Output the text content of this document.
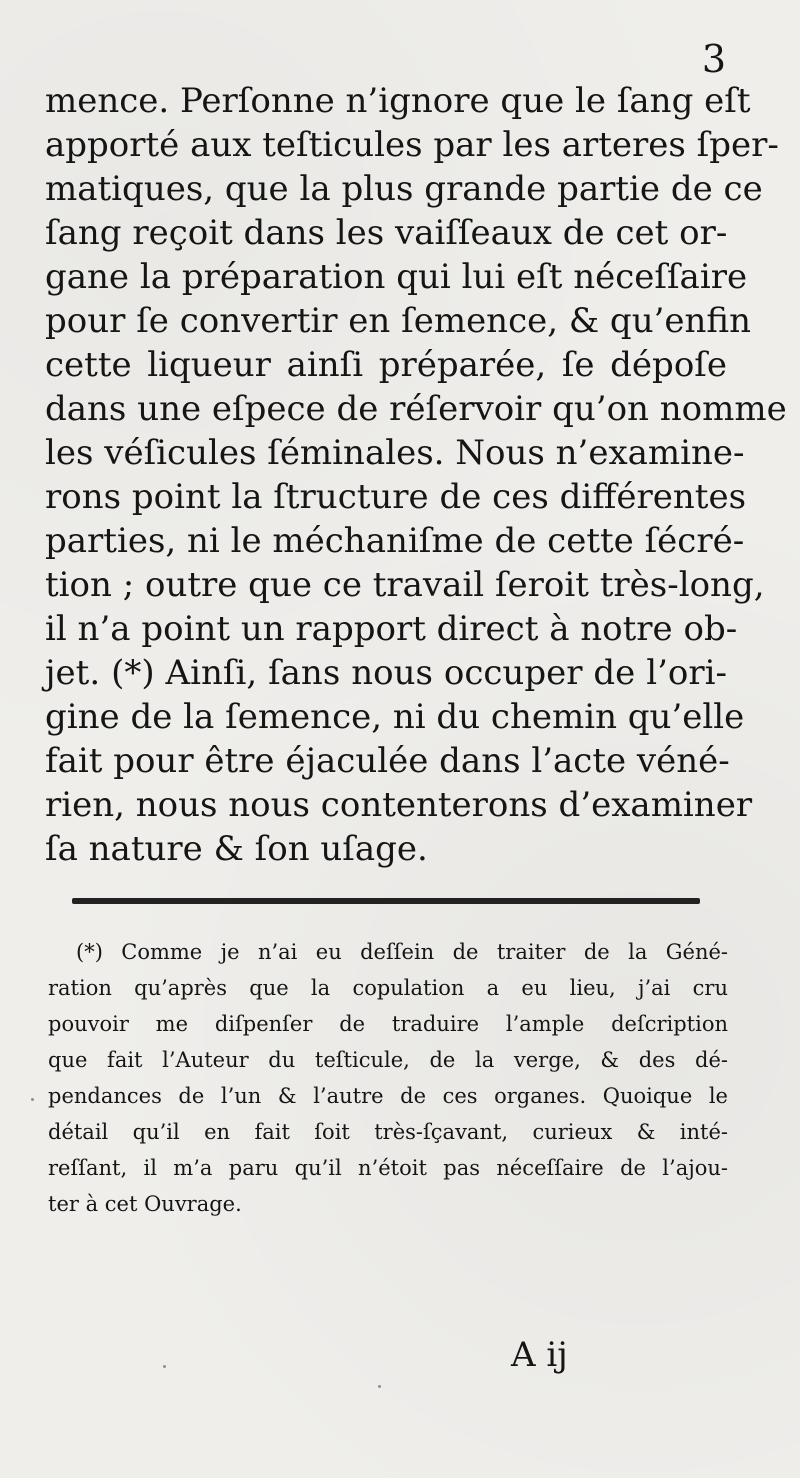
3
mence. Perſonne n’ignore que le ſang eſt
apporté aux teſticules par les arteres ſper-
matiques, que la plus grande partie de ce
ſang reçoit dans les vaiſſeaux de cet or-
gane la préparation qui lui eſt néceſſaire
pour ſe convertir en ſemence, & qu’enfin
cette liqueur ainſi préparée, ſe dépoſe
dans une eſpece de réſervoir qu’on nomme
les véſicules ſéminales. Nous n’examine-
rons point la ſtructure de ces différentes
parties, ni le méchaniſme de cette ſécré-
tion ; outre que ce travail ſeroit très-long,
il n’a point un rapport direct à notre ob-
jet. (*) Ainſi, ſans nous occuper de l’ori-
gine de la ſemence, ni du chemin qu’elle
fait pour être éjaculée dans l’acte véné-
rien, nous nous contenterons d’examiner
ſa nature & ſon uſage.
(*) Comme je n’ai eu deſſein de traiter de la Géné-
ration qu’après que la copulation a eu lieu, j’ai cru
pouvoir me diſpenſer de traduire l’ample deſcription
que fait l’Auteur du teſticule, de la verge, & des dé-
pendances de l’un & l’autre de ces organes. Quoique le
détail qu’il en fait ſoit très-ſçavant, curieux & inté-
reſſant, il m’a paru qu’il n’étoit pas néceſſaire de l’ajou-
ter à cet Ouvrage.
A ij
